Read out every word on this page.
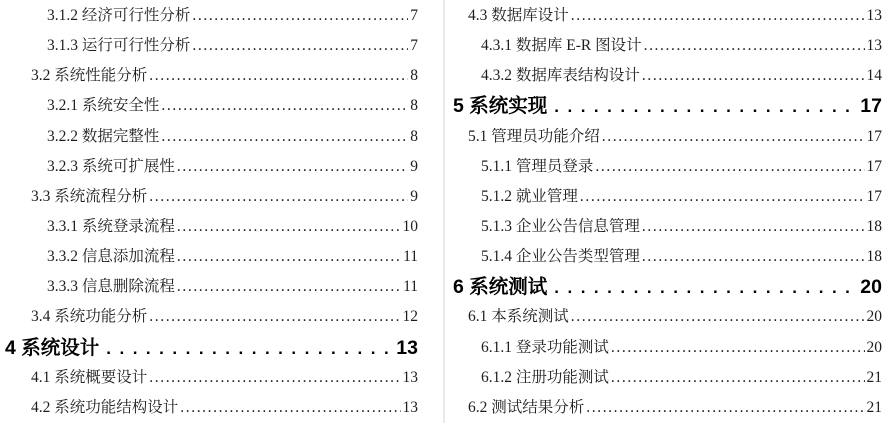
3.1.2 经济可行性分析 .....	7
3.1.3 运行可行性分析 .....	7
3.2 系统性能分析 .....	8
3.2.1 系统安全性 .....	8
3.2.2 数据完整性 .....	8
3.2.3 系统可扩展性 .....	9
3.3 系统流程分析 .....	9
3.3.1 系统登录流程 .....	10
3.3.2 信息添加流程 .....	11
3.3.3 信息删除流程 .....	11
3.4 系统功能分析 .....	12
4 系统设计 .....	13
4.1 系统概要设计 .....	13
4.2 系统功能结构设计 .....	13
4.3 数据库设计 .....	13
4.3.1 数据库 E-R 图设计 .....	13
4.3.2 数据库表结构设计 .....	14
5 系统实现 .....	17
5.1 管理员功能介绍 .....	17
5.1.1 管理员登录 .....	17
5.1.2 就业管理 .....	17
5.1.3 企业公告信息管理 .....	18
5.1.4 企业公告类型管理 .....	18
6 系统测试 .....	20
6.1 本系统测试 .....	20
6.1.1 登录功能测试 .....	20
6.1.2 注册功能测试 .....	21
6.2 测试结果分析 .....	21
